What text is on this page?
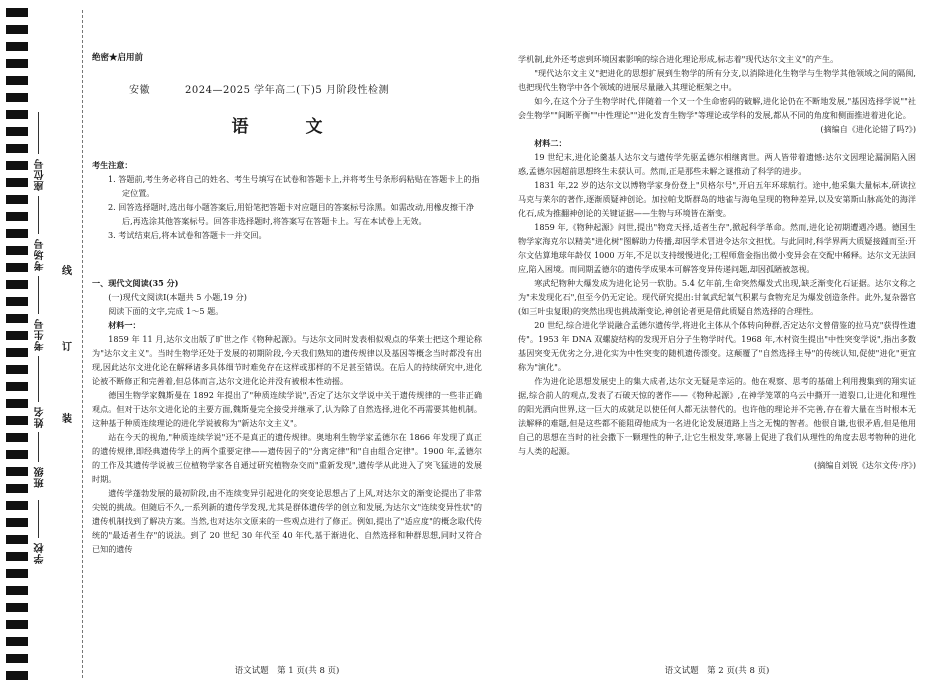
座位号
考场号
考生号
姓名
班级
学校
线
订
装
绝密★启用前
安徽	2024—2025 学年高二(下)5 月阶段性检测
语　文

考生注意：

1. 答题前,考生务必将自己的姓名、考生号填写在试卷和答题卡上,并将考生号条形码粘贴在答题卡上的指定位置。

2. 回答选择题时,选出每小题答案后,用铅笔把答题卡对应题目的答案标号涂黑。如需改动,用橡皮擦干净后,再选涂其他答案标号。回答非选择题时,将答案写在答题卡上。写在本试卷上无效。

3. 考试结束后,将本试卷和答题卡一并交回。

一、现代文阅读(35 分)

(一)现代文阅读Ⅰ(本题共 5 小题,19 分)

阅读下面的文字,完成 1～5 题。

材料一：

1859 年 11 月,达尔文出版了旷世之作《物种起源》。与达尔文同时发表相似观点的华莱士把这个理论称为"达尔文主义"。当时生物学还处于发展的初期阶段,今天我们熟知的遗传规律以及基因等概念当时都没有出现,因此达尔文进化论在解释诸多具体细节时难免存在这样或那样的不足甚至错误。在后人的持续研究中,进化论被不断修正和完善着,但总体而言,达尔文进化论并没有被根本性动摇。

德国生物学家魏斯曼在 1892 年提出了"种质连续学说",否定了达尔文学说中关于遗传规律的一些非正确观点。但对于达尔文进化论的主要方面,魏斯曼完全接受并继承了,认为除了自然选择,进化不再需要其他机制。这种基于种质连续理论的进化学说被称为"新达尔文主义"。

站在今天的视角,"种质连续学说"还不是真正的遗传规律。奥地利生物学家孟德尔在 1866 年发现了真正的遗传规律,即经典遗传学上的两个重要定律——遗传因子的"分离定律"和"自由组合定律"。1900 年,孟德尔的工作及其遗传学说被三位植物学家各自通过研究植物杂交而"重新发现",遗传学从此进入了突飞猛进的发展时期。

遗传学蓬勃发展的最初阶段,由不连续变异引起进化的突变论思想占了上风,对达尔文的渐变论提出了非常尖锐的挑战。但随后不久,一系列新的遗传学发现,尤其是群体遗传学的创立和发展,为达尔文"连续变异性状"的遗传机制找到了解决方案。当然,也对达尔文原来的一些观点进行了修正。例如,提出了"适应度"的概念取代传统的"最适者生存"的说法。到了 20 世纪 30 年代至 40 年代,基于渐进化、自然选择和种群思想,同时又符合已知的遗传

语文试题　第 1 页(共 8 页)

学机制,此外还考虑到环境因素影响的综合进化理论形成,标志着"现代达尔文主义"的产生。

"现代达尔文主义"把进化的思想扩展到生物学的所有分支,以消除进化生物学与生物学其他领域之间的隔阂,也把现代生物学中各个领域的进展尽量融入其理论框架之中。

如今,在这个分子生物学时代,伴随着一个又一个生命密码的破解,进化论仍在不断地发展,"基因选择学说""社会生物学""间断平衡""中性理论""进化发育生物学"等理论或学科的发展,都从不同的角度和侧面推进着进化论。

(摘编自《进化论错了吗?》)

材料二：

19 世纪末,进化论羹基人达尔文与遗传学先驱孟德尔相继离世。两人皆带着遗憾:达尔文因理论漏洞陷入困惑,孟德尔因超前思想终生未获认可。然而,正是那些未解之谜推动了科学的进步。

1831 年,22 岁的达尔文以博物学家身份登上"贝格尔号",开启五年环球航行。途中,他采集大量标本,研读拉马克与莱尔的著作,逐渐质疑神创论。加拉帕戈斯群岛的地雀与海龟呈现的物种差异,以及安第斯山脉高处的海洋化石,成为推翻神创论的关键证据——生物与环境皆在渐变。

1859 年,《物种起源》问世,提出"物竞天择,适者生存",掀起科学革命。然而,进化论初期遭遇冷遇。德国生物学家海克尔以精美"进化树"图解助力传播,却因学术冒进令达尔文担忧。与此同时,科学界两大质疑接踵而至:开尔文估算地球年龄仅 1000 万年,不足以支持缓慢进化;工程师詹金指出微小变异会在交配中稀释。达尔文无法回应,陷入困境。而同期孟德尔的遗传学成果本可解答变异传递问题,却因孤陋被忽视。

寒武纪物种大爆发成为进化论另一软肋。5.4 亿年前,生命突然爆发式出现,缺乏渐变化石证据。达尔文称之为"未发现化石",但至今仍无定论。现代研究提出:甘氧武纪氧气积累与食物充足为爆发创造条件。此外,复杂器官(如三叶虫复眼)的突然出现也挑战渐变论,神创论者更是借此质疑自然选择的合理性。

20 世纪,综合进化学说融合孟德尔遗传学,将进化主体从个体转向种群,否定达尔文曾借鉴的拉马克"获得性遗传"。1953 年 DNA 双螺旋结构的发现开启分子生物学时代。1968 年,木村资生提出"中性突变学说",指出多数基因突变无优劣之分,进化实为中性突变的随机遗传漂变。这颠覆了"自然选择主导"的传统认知,促使"进化"更宜称为"演化"。

作为进化论思想发展史上的集大成者,达尔文无疑是幸运的。他在观察、思考的基础上利用搜集到的翔实证据,综合前人的观点,发表了石破天惊的著作——《物种起源》,在神学笼罩的乌云中撕开一道裂口,让进化和理性的阳光洒向世界,这一巨大的成就足以使任何人都无法替代的。也许他的理论并不完善,存在着大量在当时根本无法解释的难题,但是这些都不能阻碍他成为一名进化论发展道路上当之无愧的智者。他很自谦,也很矛盾,但是他用自己的思想在当时的社会撒下一颗理性的种子,让它生根发芽,寒暑上促进了我们从理性的角度去思考物种的进化与人类的起源。

(摘编自刘锐《达尔文传·序》)

语文试题　第 2 页(共 8 页)
